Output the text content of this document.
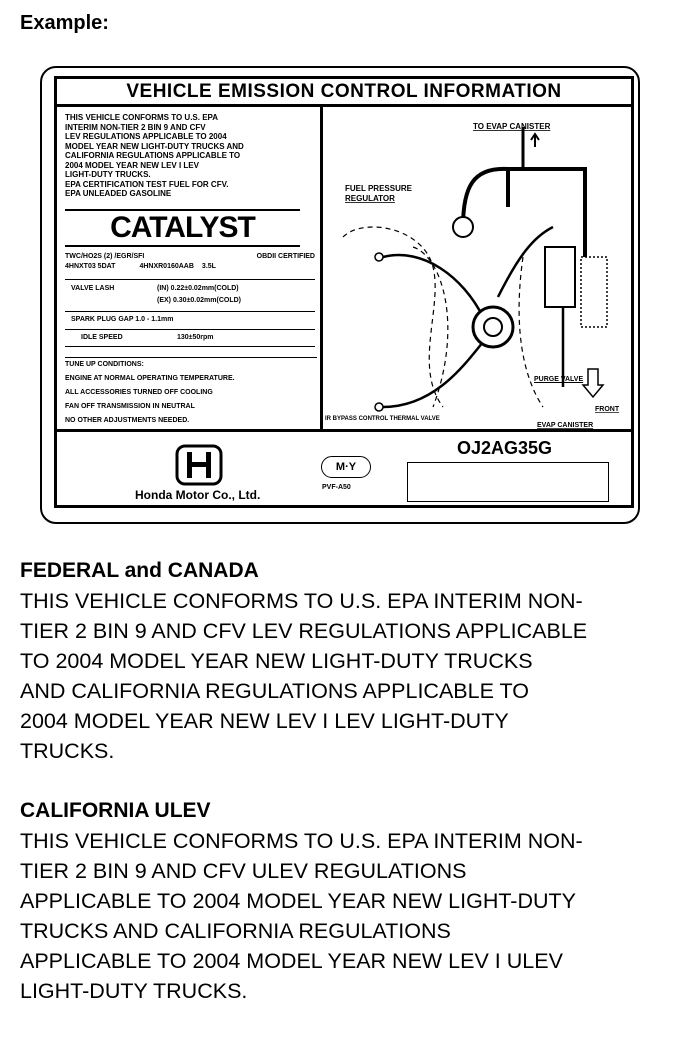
Example:
VEHICLE EMISSION CONTROL INFORMATION
THIS VEHICLE CONFORMS TO U.S. EPA
INTERIM NON-TIER 2 BIN 9 AND CFV
LEV REGULATIONS APPLICABLE TO 2004
MODEL YEAR NEW LIGHT-DUTY TRUCKS AND
CALIFORNIA REGULATIONS APPLICABLE TO
2004 MODEL YEAR NEW LEV I LEV
LIGHT-DUTY TRUCKS.
EPA CERTIFICATION TEST FUEL FOR CFV.
EPA UNLEADED GASOLINE
CATALYST
TWC/HO2S (2) /EGR/SFI	OBDII CERTIFIED
4HNXT03 5DAT	4HNXR0160AAB 3.5L
VALVE LASH	(IN) 0.22±0.02mm(COLD)
(EX) 0.30±0.02mm(COLD)
SPARK PLUG GAP 1.0 - 1.1mm
IDLE SPEED	130±50rpm
TUNE UP CONDITIONS:
ENGINE AT NORMAL OPERATING TEMPERATURE.
ALL ACCESSORIES TURNED OFF COOLING
FAN OFF TRANSMISSION IN NEUTRAL
NO OTHER ADJUSTMENTS NEEDED.
TO EVAP CANISTER
FUEL PRESSURE
REGULATOR
FRONT
IR BYPASS CONTROL THERMAL VALVE
EVAP CANISTER
Honda Motor Co., Ltd.
M·Y
PVF-A50
OJ2AG35G
PURGE VALVE
FEDERAL and CANADA

THIS VEHICLE CONFORMS TO U.S. EPA INTERIM NON-

TIER 2 BIN 9 AND CFV LEV REGULATIONS APPLICABLE

TO 2004 MODEL YEAR NEW LIGHT-DUTY TRUCKS

AND CALIFORNIA REGULATIONS APPLICABLE TO

2004 MODEL YEAR NEW LEV I LEV LIGHT-DUTY

TRUCKS.

CALIFORNIA ULEV

THIS VEHICLE CONFORMS TO U.S. EPA INTERIM NON-

TIER 2 BIN 9 AND CFV ULEV REGULATIONS

APPLICABLE TO 2004 MODEL YEAR NEW LIGHT-DUTY

TRUCKS AND CALIFORNIA REGULATIONS

APPLICABLE TO 2004 MODEL YEAR NEW LEV I ULEV

LIGHT-DUTY TRUCKS.
